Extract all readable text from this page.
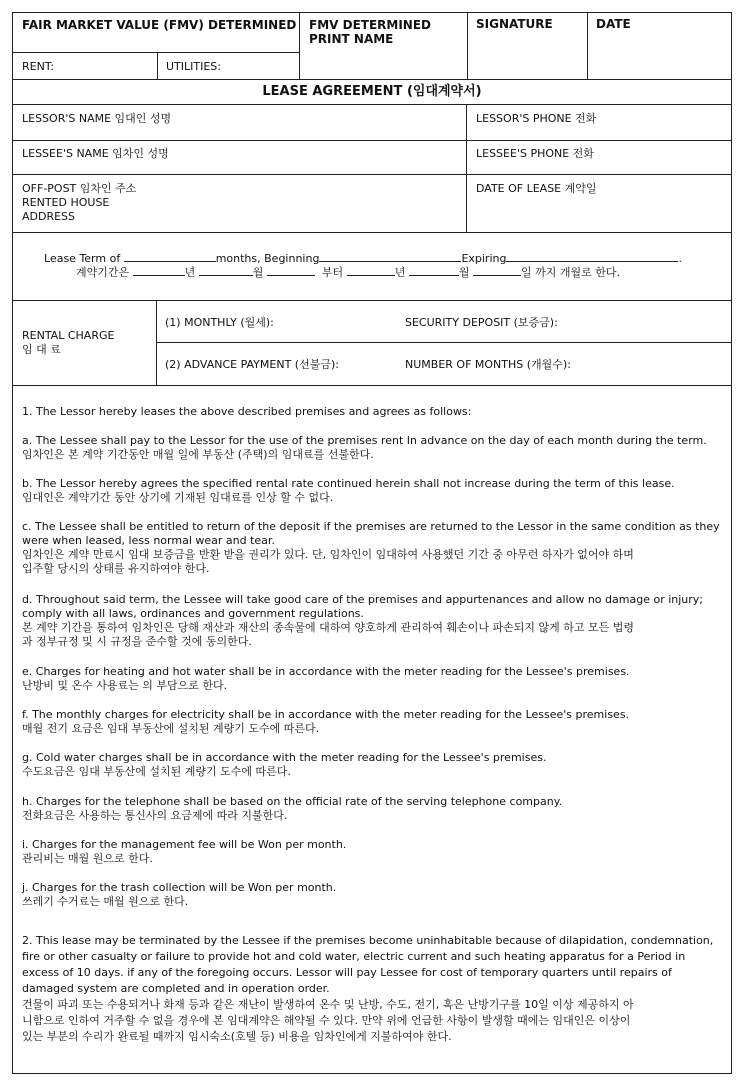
FAIR MARKET VALUE (FMV) DETERMINED FMV DETERMINED
PRINT NAME
SIGNATURE	DATE
RENT:	UTILITIES:
LEASE AGREEMENT (임대계약서)
LESSOR'S NAME 임대인 성명	LESSOR'S PHONE 전화
LESSEE'S NAME 임차인 성명	LESSEE'S PHONE 전화
OFF-POST 임차인 주소
RENTED HOUSE
ADDRESS
DATE OF LEASE 계약일
Lease Term of	months, Beginning	Expiring	.
계약기간은	년	월	부터	년	월	일 까지 개월로 한다.
RENTAL CHARGE
임 대 료
(1) MONTHLY (월세):	SECURITY DEPOSIT (보증금):
(2) ADVANCE PAYMENT (선불금):	NUMBER OF MONTHS (개월수):
1. The Lessor hereby leases the above described premises and agrees as follows:
a. The Lessee shall pay to the Lessor for the use of the premises rent In advance on the day of each month during the term.
임차인은 본 계약 기간동안 매월 일에 부동산 (주택)의 임대료를 선불한다.
b. The Lessor hereby agrees the specified rental rate continued herein shall not increase during the term of this lease.
임대인은 계약기간 동안 상기에 기재된 임대료를 인상 할 수 없다.
c. The Lessee shall be entitled to return of the deposit if the premises are returned to the Lessor in the same condition as they
were when leased, less normal wear and tear.
임차인은 계약 만료시 임대 보증금을 반환 받을 권리가 있다. 단, 임차인이 임대하여 사용했던 기간 중 아무런 하자가 없어야 하며
입주할 당시의 상태를 유지하여야 한다.
d. Throughout said term, the Lessee will take good care of the premises and appurtenances and allow no damage or injury;
comply with all laws, ordinances and government regulations.
본 계약 기간을 통하여 임차인은 당해 재산과 재산의 종속물에 대하여 양호하게 관리하여 훼손이나 파손되지 않게 하고 모든 법령
과 정부규정 및 시 규정을 준수할 것에 동의한다.
e. Charges for heating and hot water shall be in accordance with the meter reading for the Lessee's premises.
난방비 및 온수 사용료는 의 부담으로 한다.
f. The monthly charges for electricity shall be in accordance with the meter reading for the Lessee's premises.
매월 전기 요금은 임대 부동산에 설치된 계량기 도수에 따른다.
g. Cold water charges shall be in accordance with the meter reading for the Lessee's premises.
수도요금은 임대 부동산에 설치된 계량기 도수에 따른다.
h. Charges for the telephone shall be based on the official rate of the serving telephone company.
전화요금은 사용하는 통신사의 요금제에 따라 지불한다.
i. Charges for the management fee will be Won per month.
관리비는 매월 원으로 한다.
j. Charges for the trash collection will be Won per month.
쓰레기 수거료는 매월 원으로 한다.
2. This lease may be terminated by the Lessee if the premises become uninhabitable because of dilapidation, condemnation,
fire or other casualty or failure to provide hot and cold water, electric current and such heating apparatus for a Period in
excess of 10 days. if any of the foregoing occurs. Lessor will pay Lessee for cost of temporary quarters until repairs of
damaged system are completed and in operation order.
건물이 파괴 또는 수용되거나 화재 등과 같은 재난이 발생하여 온수 및 난방, 수도, 전기, 혹은 난방기구를 10일 이상 제공하지 아
니함으로 인하여 거주할 수 없을 경우에 본 임대계약은 해약될 수 있다. 만약 위에 언급한 사항이 발생할 때에는 임대인은 이상이
있는 부분의 수리가 완료될 때까지 임시숙소(호텔 등) 비용을 임차인에게 지불하여야 한다.
